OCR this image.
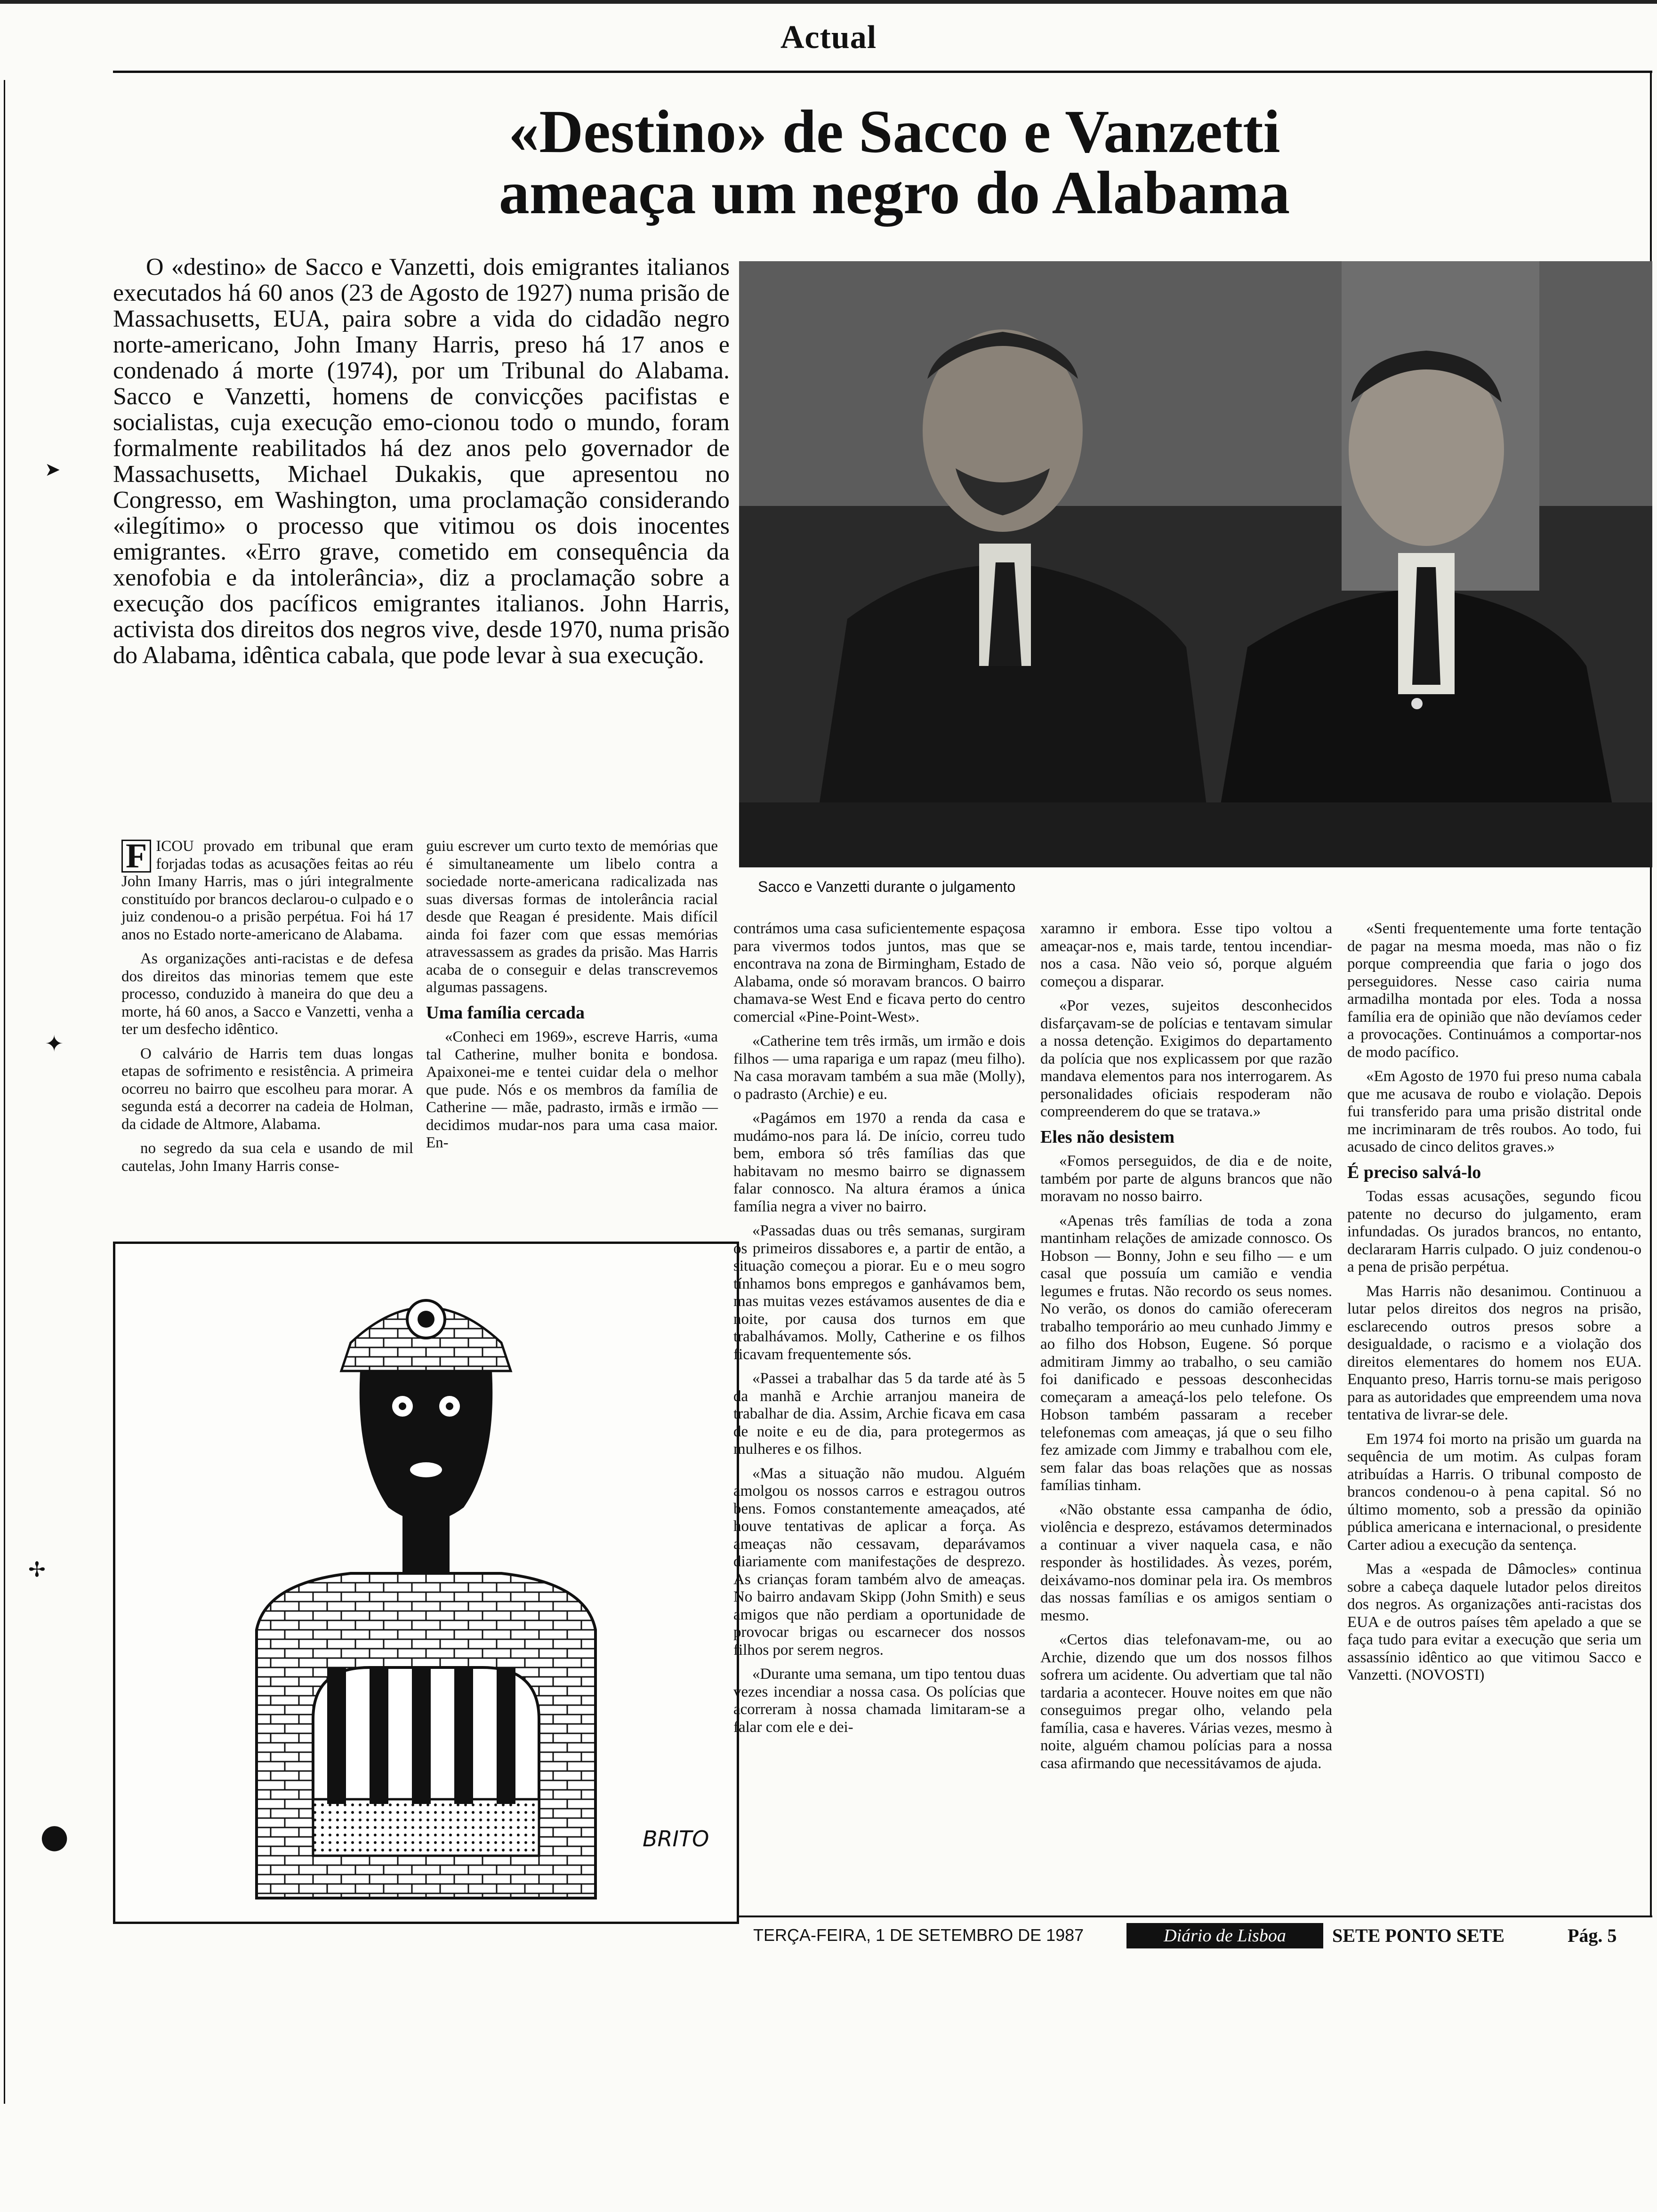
Actual
«Destino» de Sacco e Vanzetti
ameaça um negro do Alabama

O «destino» de Sacco e Vanzetti, dois emigrantes italianos executados há 60 anos (23 de Agosto de 1927) numa prisão de Massachusetts, EUA, paira sobre a vida do cidadão negro norte-americano, John Imany Harris, preso há 17 anos e condenado á morte (1974), por um Tribunal do Alabama. Sacco e Vanzetti, homens de convicções pacifistas e socialistas, cuja execução emo-cionou todo o mundo, foram formalmente reabilitados há dez anos pelo governador de Massachusetts, Michael Dukakis, que apresentou no Congresso, em Washington, uma proclamação considerando «ilegítimo» o processo que vitimou os dois inocentes emigrantes. «Erro grave, cometido em consequência da xenofobia e da intolerância», diz a proclamação sobre a execução dos pacíficos emigrantes italianos. John Harris, activista dos direitos dos negros vive, desde 1970, numa prisão do Alabama, idêntica cabala, que pode levar à sua execução.

Sacco e Vanzetti durante o julgamento

F ICOU provado em tribunal que eram forjadas todas as acusações feitas ao réu John Imany Harris, mas o júri integralmente constituído por brancos declarou-o culpado e o juiz condenou-o a prisão perpétua. Foi há 17 anos no Estado norte-americano de Alabama.

As organizações anti-racistas e de defesa dos direitos das minorias temem que este processo, conduzido à maneira do que deu a morte, há 60 anos, a Sacco e Vanzetti, venha a ter um desfecho idêntico.

O calvário de Harris tem duas longas etapas de sofrimento e resistência. A primeira ocorreu no bairro que escolheu para morar. A segunda está a decorrer na cadeia de Holman, da cidade de Altmore, Alabama.

no segredo da sua cela e usando de mil cautelas, John Imany Harris conse-

guiu escrever um curto texto de memórias que é simultaneamente um libelo contra a sociedade norte-americana radicalizada nas suas diversas formas de intolerância racial desde que Reagan é presidente. Mais difícil ainda foi fazer com que essas memórias atravessassem as grades da prisão. Mas Harris acaba de o conseguir e delas transcrevemos algumas passagens.

Uma família cercada

«Conheci em 1969», escreve Harris, «uma tal Catherine, mulher bonita e bondosa. Apaixonei-me e tentei cuidar dela o melhor que pude. Nós e os membros da família de Catherine — mãe, padrasto, irmãs e irmão — decidimos mudar-nos para uma casa maior. En-

BRITO

contrámos uma casa suficientemente espaçosa para vivermos todos juntos, mas que se encontrava na zona de Birmingham, Estado de Alabama, onde só moravam brancos. O bairro chamava-se West End e ficava perto do centro comercial «Pine-Point-West».

«Catherine tem três irmãs, um irmão e dois filhos — uma rapariga e um rapaz (meu filho). Na casa moravam também a sua mãe (Molly), o padrasto (Archie) e eu.

«Pagámos em 1970 a renda da casa e mudámo-nos para lá. De início, correu tudo bem, embora só três famílias das que habitavam no mesmo bairro se dignassem falar connosco. Na altura éramos a única família negra a viver no bairro.

«Passadas duas ou três semanas, surgiram os primeiros dissabores e, a partir de então, a situação começou a piorar. Eu e o meu sogro tínhamos bons empregos e ganhávamos bem, mas muitas vezes estávamos ausentes de dia e noite, por causa dos turnos em que trabalhávamos. Molly, Catherine e os filhos ficavam frequentemente sós.

«Passei a trabalhar das 5 da tarde até às 5 da manhã e Archie arranjou maneira de trabalhar de dia. Assim, Archie ficava em casa de noite e eu de dia, para protegermos as mulheres e os filhos.

«Mas a situação não mudou. Alguém amolgou os nossos carros e estragou outros bens. Fomos constantemente ameaçados, até houve tentativas de aplicar a força. As ameaças não cessavam, deparávamos diariamente com manifestações de desprezo. As crianças foram também alvo de ameaças. No bairro andavam Skipp (John Smith) e seus amigos que não perdiam a oportunidade de provocar brigas ou escarnecer dos nossos filhos por serem negros.

«Durante uma semana, um tipo tentou duas vezes incendiar a nossa casa. Os polícias que acorreram à nossa chamada limitaram-se a falar com ele e dei-

xaramno ir embora. Esse tipo voltou a ameaçar-nos e, mais tarde, tentou incendiar-nos a casa. Não veio só, porque alguém começou a disparar.

«Por vezes, sujeitos desconhecidos disfarçavam-se de polícias e tentavam simular a nossa detenção. Exigimos do departamento da polícia que nos explicassem por que razão mandava elementos para nos interrogarem. As personalidades oficiais respoderam não compreenderem do que se tratava.»

Eles não desistem

«Fomos perseguidos, de dia e de noite, também por parte de alguns brancos que não moravam no nosso bairro.

«Apenas três famílias de toda a zona mantinham relações de amizade connosco. Os Hobson — Bonny, John e seu filho — e um casal que possuía um camião e vendia legumes e frutas. Não recordo os seus nomes. No verão, os donos do camião ofereceram trabalho temporário ao meu cunhado Jimmy e ao filho dos Hobson, Eugene. Só porque admitiram Jimmy ao trabalho, o seu camião foi danificado e pessoas desconhecidas começaram a ameaçá-los pelo telefone. Os Hobson também passaram a receber telefonemas com ameaças, já que o seu filho fez amizade com Jimmy e trabalhou com ele, sem falar das boas relações que as nossas famílias tinham.

«Não obstante essa campanha de ódio, violência e desprezo, estávamos determinados a continuar a viver naquela casa, e não responder às hostilidades. Às vezes, porém, deixávamo-nos dominar pela ira. Os membros das nossas famílias e os amigos sentiam o mesmo.

«Certos dias telefonavam-me, ou ao Archie, dizendo que um dos nossos filhos sofrera um acidente. Ou advertiam que tal não tardaria a acontecer. Houve noites em que não conseguimos pregar olho, velando pela família, casa e haveres. Várias vezes, mesmo à noite, alguém chamou polícias para a nossa casa afirmando que necessitávamos de ajuda.

«Senti frequentemente uma forte tentação de pagar na mesma moeda, mas não o fiz porque compreendia que faria o jogo dos perseguidores. Nesse caso cairia numa armadilha montada por eles. Toda a nossa família era de opinião que não devíamos ceder a provocações. Continuámos a comportar-nos de modo pacífico.

«Em Agosto de 1970 fui preso numa cabala que me acusava de roubo e violação. Depois fui transferido para uma prisão distrital onde me incriminaram de três roubos. Ao todo, fui acusado de cinco delitos graves.»

É preciso salvá-lo

Todas essas acusações, segundo ficou patente no decurso do julgamento, eram infundadas. Os jurados brancos, no entanto, declararam Harris culpado. O juiz condenou-o a pena de prisão perpétua.

Mas Harris não desanimou. Continuou a lutar pelos direitos dos negros na prisão, esclarecendo outros presos sobre a desigualdade, o racismo e a violação dos direitos elementares do homem nos EUA. Enquanto preso, Harris tornu-se mais perigoso para as autoridades que empreendem uma nova tentativa de livrar-se dele.

Em 1974 foi morto na prisão um guarda na sequência de um motim. As culpas foram atribuídas a Harris. O tribunal composto de brancos condenou-o à pena capital. Só no último momento, sob a pressão da opinião pública americana e internacional, o presidente Carter adiou a execução da sentença.

Mas a «espada de Dâmocles» continua sobre a cabeça daquele lutador pelos direitos dos negros. As organizações anti-racistas dos EUA e de outros países têm apelado a que se faça tudo para evitar a execução que seria um assassínio idêntico ao que vitimou Sacco e Vanzetti. (NOVOSTI)

TERÇA-FEIRA, 1 DE SETEMBRO DE 1987	Diário de Lisboa	SETE PONTO SETE	Pág. 5
➤
✦
✢
●
